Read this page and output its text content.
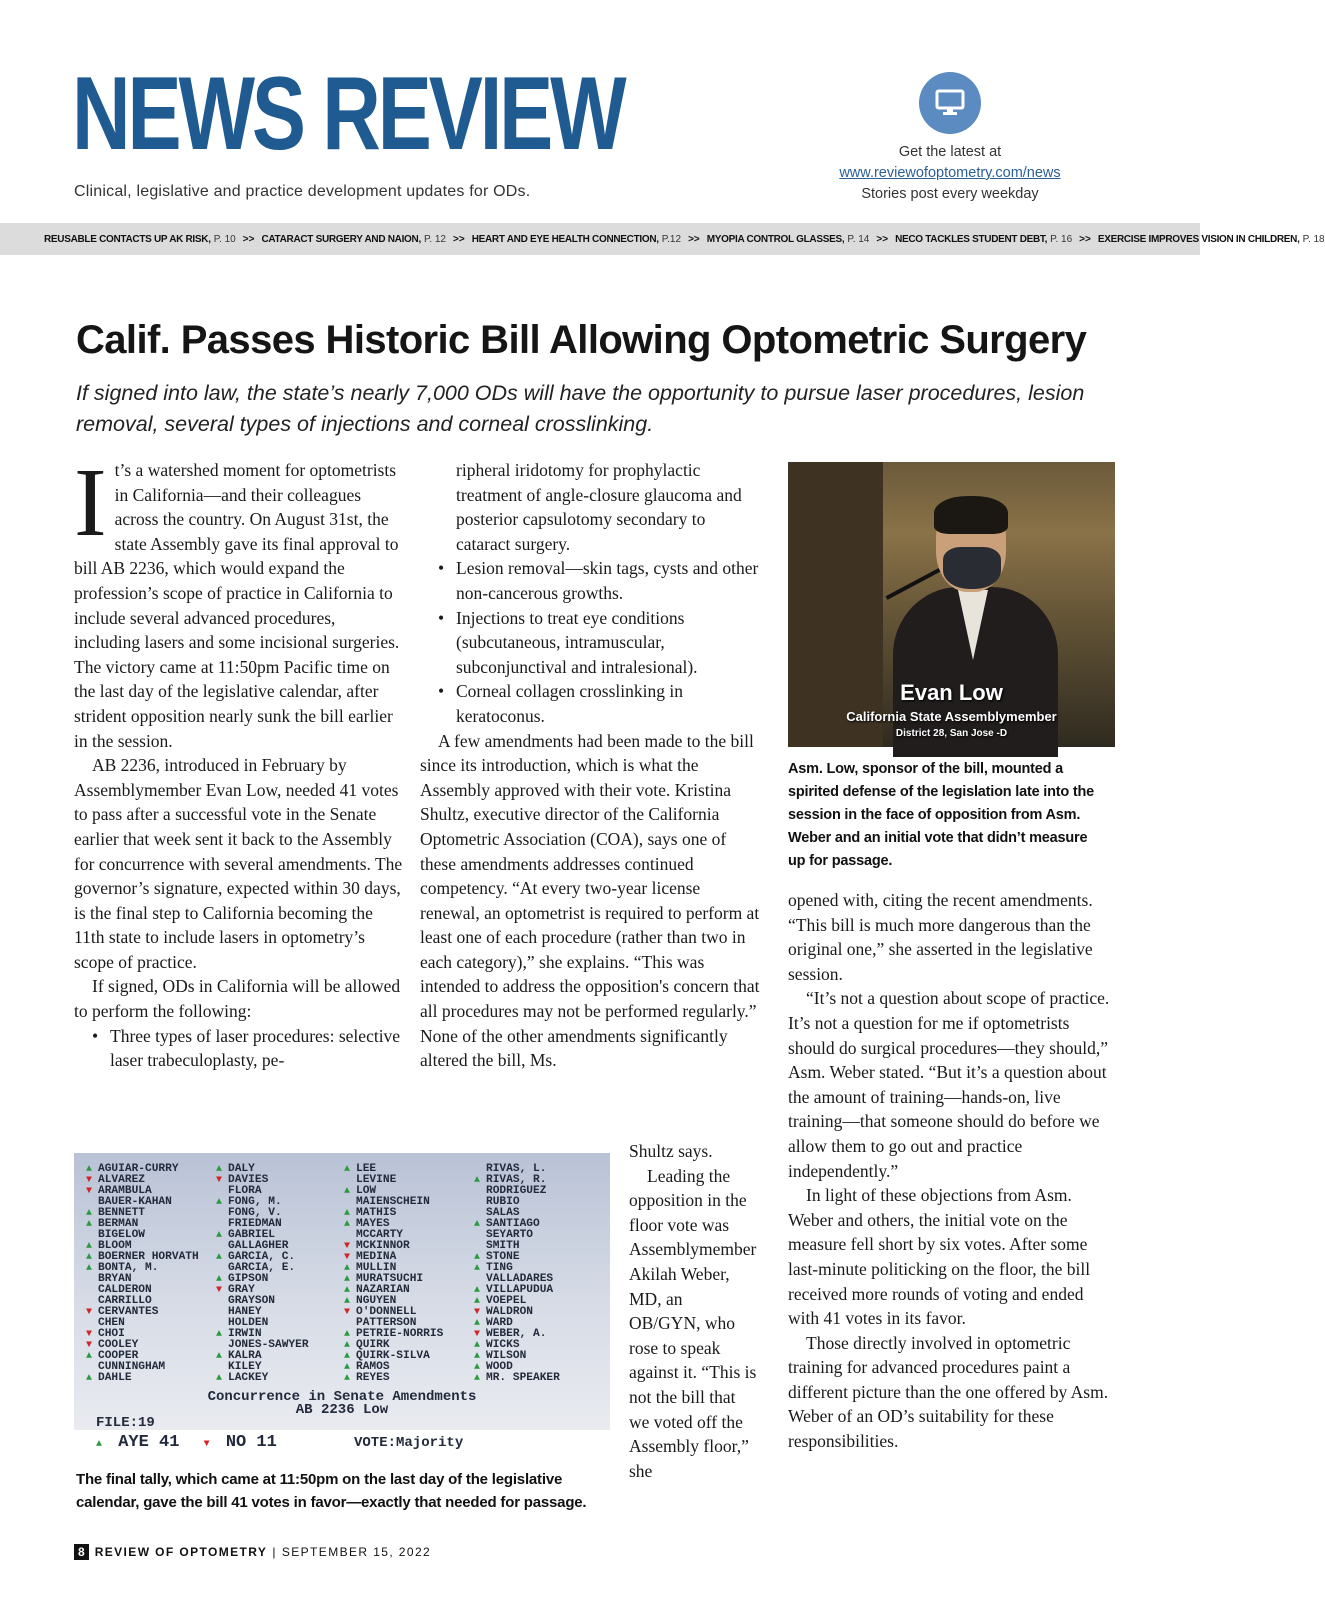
NEWS REVIEW
Clinical, legislative and practice development updates for ODs.
Get the latest at
www.reviewofoptometry.com/news
Stories post every weekday
REUSABLE CONTACTS UP AK RISK, P. 10 >> CATARACT SURGERY AND NAION, P. 12 >> HEART AND EYE HEALTH CONNECTION, P.12 >> MYOPIA CONTROL GLASSES, P. 14 >> NECO TACKLES STUDENT DEBT, P. 16 >> EXERCISE IMPROVES VISION IN CHILDREN, P. 18
Calif. Passes Historic Bill Allowing Optometric Surgery
If signed into law, the state’s nearly 7,000 ODs will have the opportunity to pursue laser procedures, lesion removal, several types of injections and corneal crosslinking.

It’s a watershed moment for optometrists in California—and their colleagues across the country. On August 31st, the state Assembly gave its final approval to bill AB 2236, which would expand the profession’s scope of practice in California to include several advanced procedures, including lasers and some incisional surgeries. The victory came at 11:50pm Pacific time on the last day of the legislative calendar, after strident opposition nearly sunk the bill earlier in the session.

AB 2236, introduced in February by Assemblymember Evan Low, needed 41 votes to pass after a successful vote in the Senate earlier that week sent it back to the Assembly for concurrence with several amendments. The governor’s signature, expected within 30 days, is the final step to California becoming the 11th state to include lasers in optometry’s scope of practice.

If signed, ODs in California will be allowed to perform the following:

• Three types of laser procedures: selective laser trabeculoplasty, pe-

ripheral iridotomy for prophylactic treatment of angle-closure glaucoma and posterior capsulotomy secondary to cataract surgery.

• Lesion removal—skin tags, cysts and other non-cancerous growths.

• Injections to treat eye conditions (subcutaneous, intramuscular, subconjunctival and intralesional).

• Corneal collagen crosslinking in keratoconus.

A few amendments had been made to the bill since its introduction, which is what the Assembly approved with their vote. Kristina Shultz, executive director of the California Optometric Association (COA), says one of these amendments addresses continued competency. “At every two-year license renewal, an optometrist is required to perform at least one of each procedure (rather than two in each category),” she explains. “This was intended to address the opposition's concern that all procedures may not be performed regularly.” None of the other amendments significantly altered the bill, Ms.

Shultz says.

Leading the opposition in the floor vote was Assemblymember Akilah Weber, MD, an OB/GYN, who rose to speak against it. “This is not the bill that we voted off the Assembly floor,” she

Evan Low
California State Assemblymember
District 28, San Jose -D
Asm. Low, sponsor of the bill, mounted a spirited defense of the legislation late into the session in the face of opposition from Asm. Weber and an initial vote that didn’t measure up for passage.

opened with, citing the recent amendments. “This bill is much more dangerous than the original one,” she asserted in the legislative session.

“It’s not a question about scope of practice. It’s not a question for me if optometrists should do surgical procedures—they should,” Asm. Weber stated. “But it’s a question about the amount of training—hands-on, live training—that someone should do before we allow them to go out and practice independently.”

In light of these objections from Asm. Weber and others, the initial vote on the measure fell short by six votes. After some last-minute politicking on the floor, the bill received more rounds of voting and ended with 41 votes in its favor.

Those directly involved in optometric training for advanced procedures paint a different picture than the one offered by Asm. Weber of an OD’s suitability for these responsibilities.

Concurrence in Senate Amendments
AB 2236 Low
FILE:19
▲ AYE 41 ▼ NO 11	VOTE:Majority
▲ AGUIAR-CURRY
▼ ALVAREZ
▼ ARAMBULA
BAUER-KAHAN
▲ BENNETT
▲ BERMAN
BIGELOW
▲ BLOOM
▲ BOERNER HORVATH
▲ BONTA, M.
BRYAN
CALDERON
CARRILLO
▼ CERVANTES
CHEN
▼ CHOI
▼ COOLEY
▲ COOPER
CUNNINGHAM
▲ DAHLE
▲ DALY
▼ DAVIES
FLORA
▲ FONG, M.
FONG, V.
FRIEDMAN
▲ GABRIEL
GALLAGHER
▲ GARCIA, C.
GARCIA, E.
▲ GIPSON
▼ GRAY
GRAYSON
HANEY
HOLDEN
▲ IRWIN
JONES-SAWYER
▲ KALRA
KILEY
▲ LACKEY
▲ LEE
LEVINE
▲ LOW
MAIENSCHEIN
▲ MATHIS
▲ MAYES
MCCARTY
▼ MCKINNOR
▼ MEDINA
▲ MULLIN
▲ MURATSUCHI
▲ NAZARIAN
▲ NGUYEN
▼ O'DONNELL
PATTERSON
▲ PETRIE-NORRIS
▲ QUIRK
▲ QUIRK-SILVA
▲ RAMOS
▲ REYES
RIVAS, L.
▲ RIVAS, R.
RODRIGUEZ
RUBIO
SALAS
▲ SANTIAGO
SEYARTO
SMITH
▲ STONE
▲ TING
VALLADARES
▲ VILLAPUDUA
▲ VOEPEL
▼ WALDRON
▲ WARD
▼ WEBER, A.
▲ WICKS
▲ WILSON
▲ WOOD
▲ MR. SPEAKER
The final tally, which came at 11:50pm on the last day of the legislative calendar, gave the bill 41 votes in favor—exactly that needed for passage.
8 REVIEW OF OPTOMETRY | SEPTEMBER 15, 2022
